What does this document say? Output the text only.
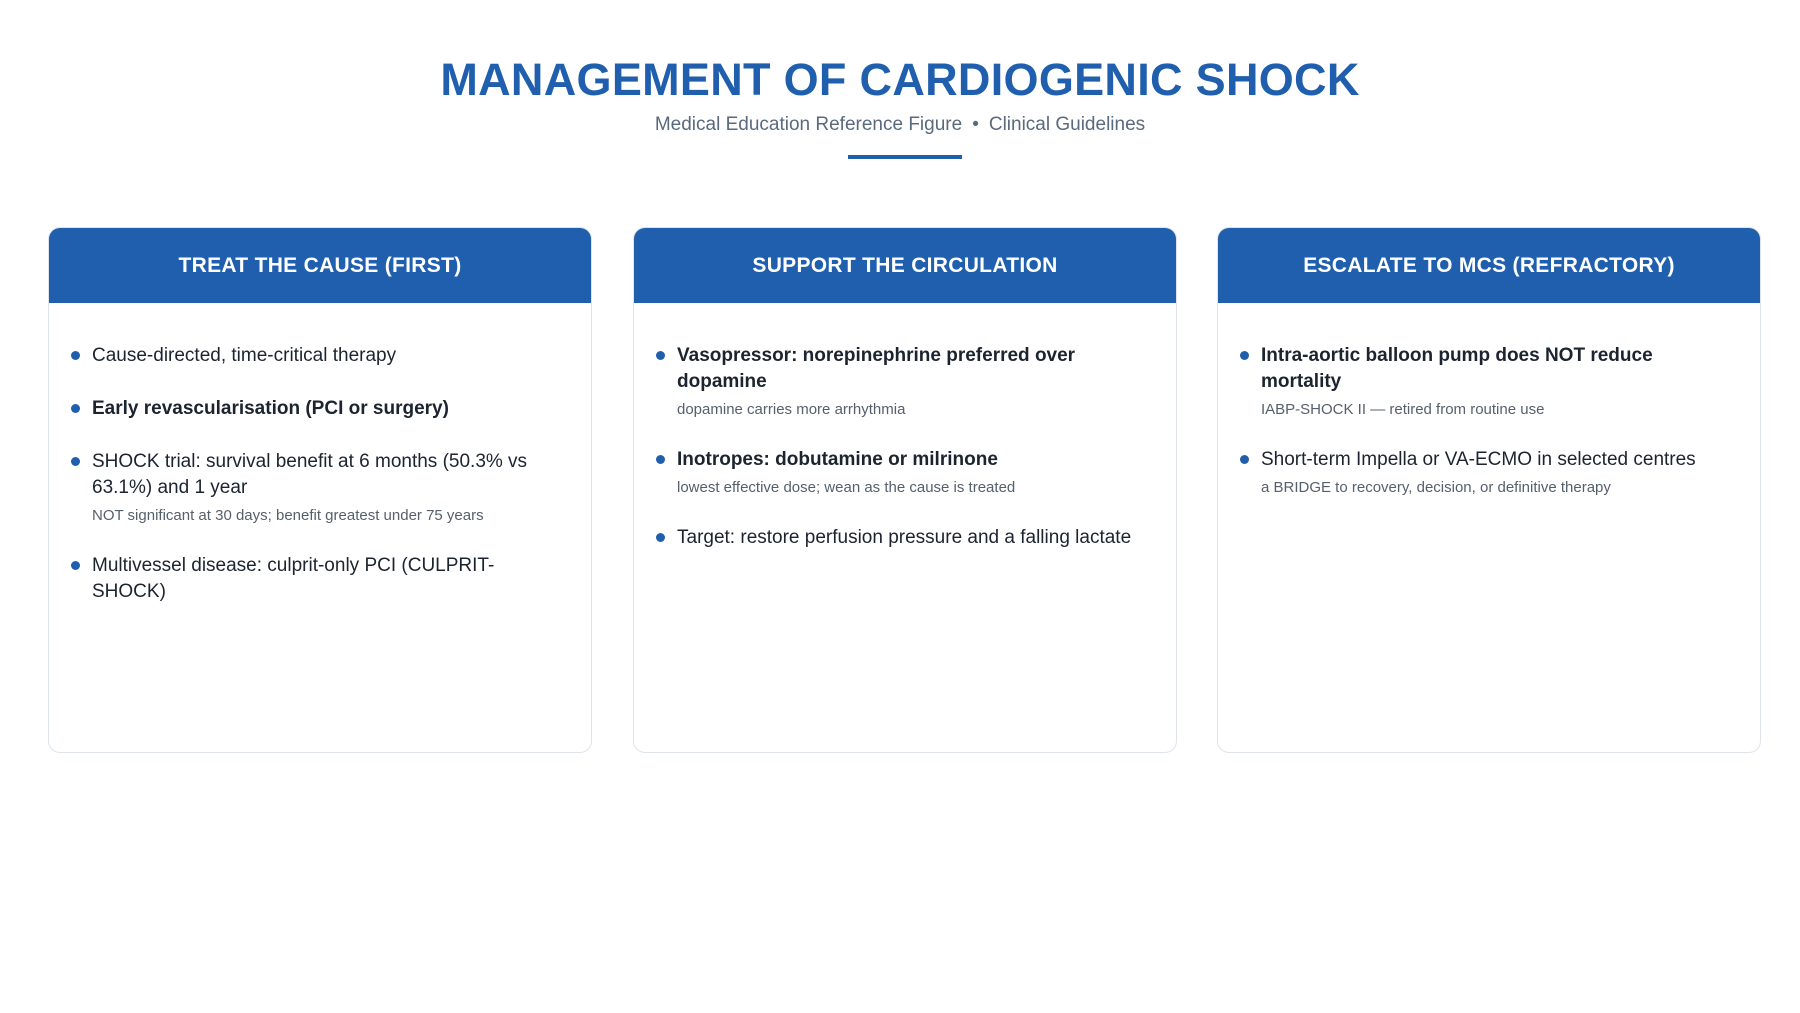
MANAGEMENT OF CARDIOGENIC SHOCK
Medical Education Reference Figure • Clinical Guidelines
TREAT THE CAUSE (FIRST)
Cause-directed, time-critical therapy
Early revascularisation (PCI or surgery)
SHOCK trial: survival benefit at 6 months (50.3% vs 63.1%) and 1 year
NOT significant at 30 days; benefit greatest under 75 years
Multivessel disease: culprit-only PCI (CULPRIT-SHOCK)
SUPPORT THE CIRCULATION
Vasopressor: norepinephrine preferred over dopamine
dopamine carries more arrhythmia
Inotropes: dobutamine or milrinone
lowest effective dose; wean as the cause is treated
Target: restore perfusion pressure and a falling lactate
ESCALATE TO MCS (REFRACTORY)
Intra-aortic balloon pump does NOT reduce mortality
IABP-SHOCK II — retired from routine use
Short-term Impella or VA-ECMO in selected centres
a BRIDGE to recovery, decision, or definitive therapy
